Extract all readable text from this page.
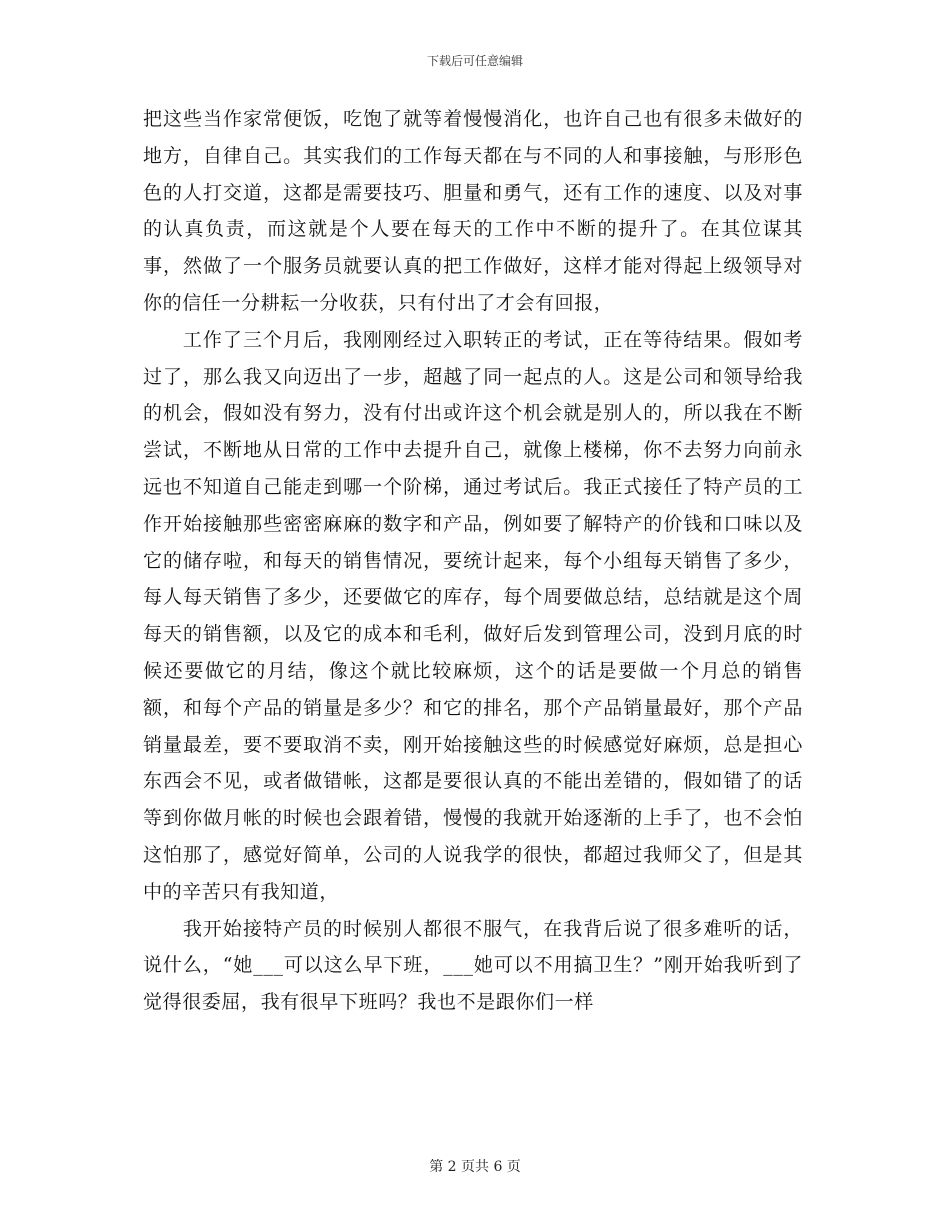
下载后可任意编辑

把这些当作家常便饭，吃饱了就等着慢慢消化，也许自己也有很多未做好的地方，自律自己。其实我们的工作每天都在与不同的人和事接触，与形形色色的人打交道，这都是需要技巧、胆量和勇气，还有工作的速度、以及对事的认真负责，而这就是个人要在每天的工作中不断的提升了。在其位谋其事，然做了一个服务员就要认真的把工作做好，这样才能对得起上级领导对你的信任一分耕耘一分收获，只有付出了才会有回报，

工作了三个月后，我刚刚经过入职转正的考试，正在等待结果。假如考过了，那么我又向迈出了一步，超越了同一起点的人。这是公司和领导给我的机会，假如没有努力，没有付出或许这个机会就是别人的，所以我在不断尝试，不断地从日常的工作中去提升自己，就像上楼梯，你不去努力向前永远也不知道自己能走到哪一个阶梯，通过考试后。我正式接任了特产员的工作开始接触那些密密麻麻的数字和产品，例如要了解特产的价钱和口味以及它的储存啦，和每天的销售情况，要统计起来，每个小组每天销售了多少，每人每天销售了多少，还要做它的库存，每个周要做总结，总结就是这个周每天的销售额，以及它的成本和毛利，做好后发到管理公司，没到月底的时候还要做它的月结，像这个就比较麻烦，这个的话是要做一个月总的销售额，和每个产品的销量是多少？和它的排名，那个产品销量最好，那个产品销量最差，要不要取消不卖，刚开始接触这些的时候感觉好麻烦，总是担心东西会不见，或者做错帐，这都是要很认真的不能出差错的，假如错了的话等到你做月帐的时候也会跟着错，慢慢的我就开始逐渐的上手了，也不会怕这怕那了，感觉好简单，公司的人说我学的很快，都超过我师父了，但是其中的辛苦只有我知道，

我开始接特产员的时候别人都很不服气，在我背后说了很多难听的话，说什么，“她___可以这么早下班，___她可以不用搞卫生？”刚开始我听到了觉得很委屈，我有很早下班吗？我也不是跟你们一样

第 2 页共 6 页
